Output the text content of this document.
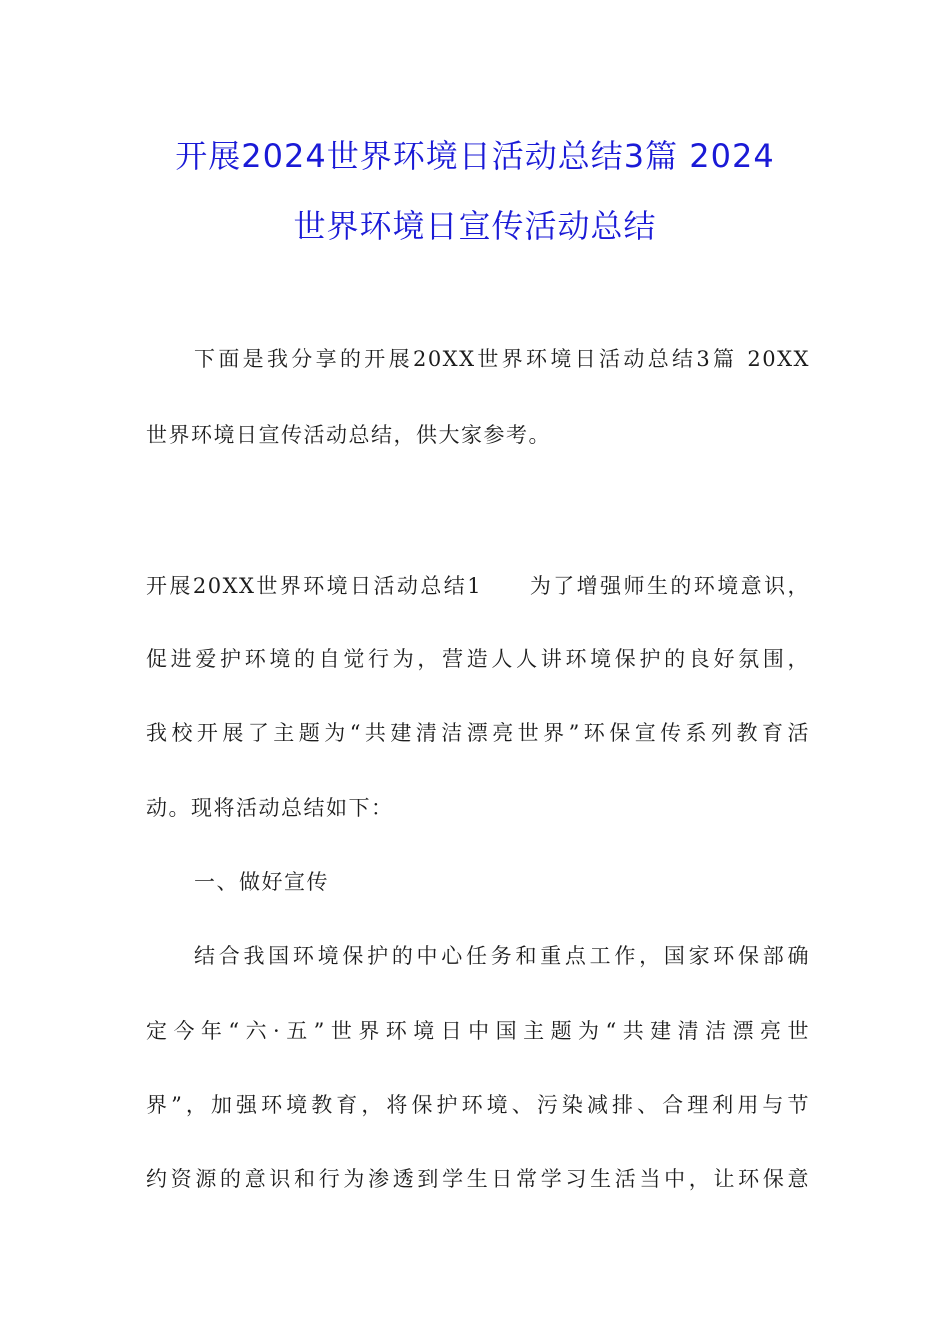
开展2024世界环境日活动总结3篇 2024
世界环境日宣传活动总结
下面是我分享的开展20XX世界环境日活动总结3篇 20XX
世界环境日宣传活动总结，供大家参考。
开展20XX世界环境日活动总结1　　为了增强师生的环境意识，
促进爱护环境的自觉行为，营造人人讲环境保护的良好氛围，
我校开展了主题为“共建清洁漂亮世界”环保宣传系列教育活
动。现将活动总结如下：
一、做好宣传
结合我国环境保护的中心任务和重点工作，国家环保部确
定今年“六·五”世界环境日中国主题为“共建清洁漂亮世
界”，加强环境教育，将保护环境、污染减排、合理利用与节
约资源的意识和行为渗透到学生日常学习生活当中，让环保意
